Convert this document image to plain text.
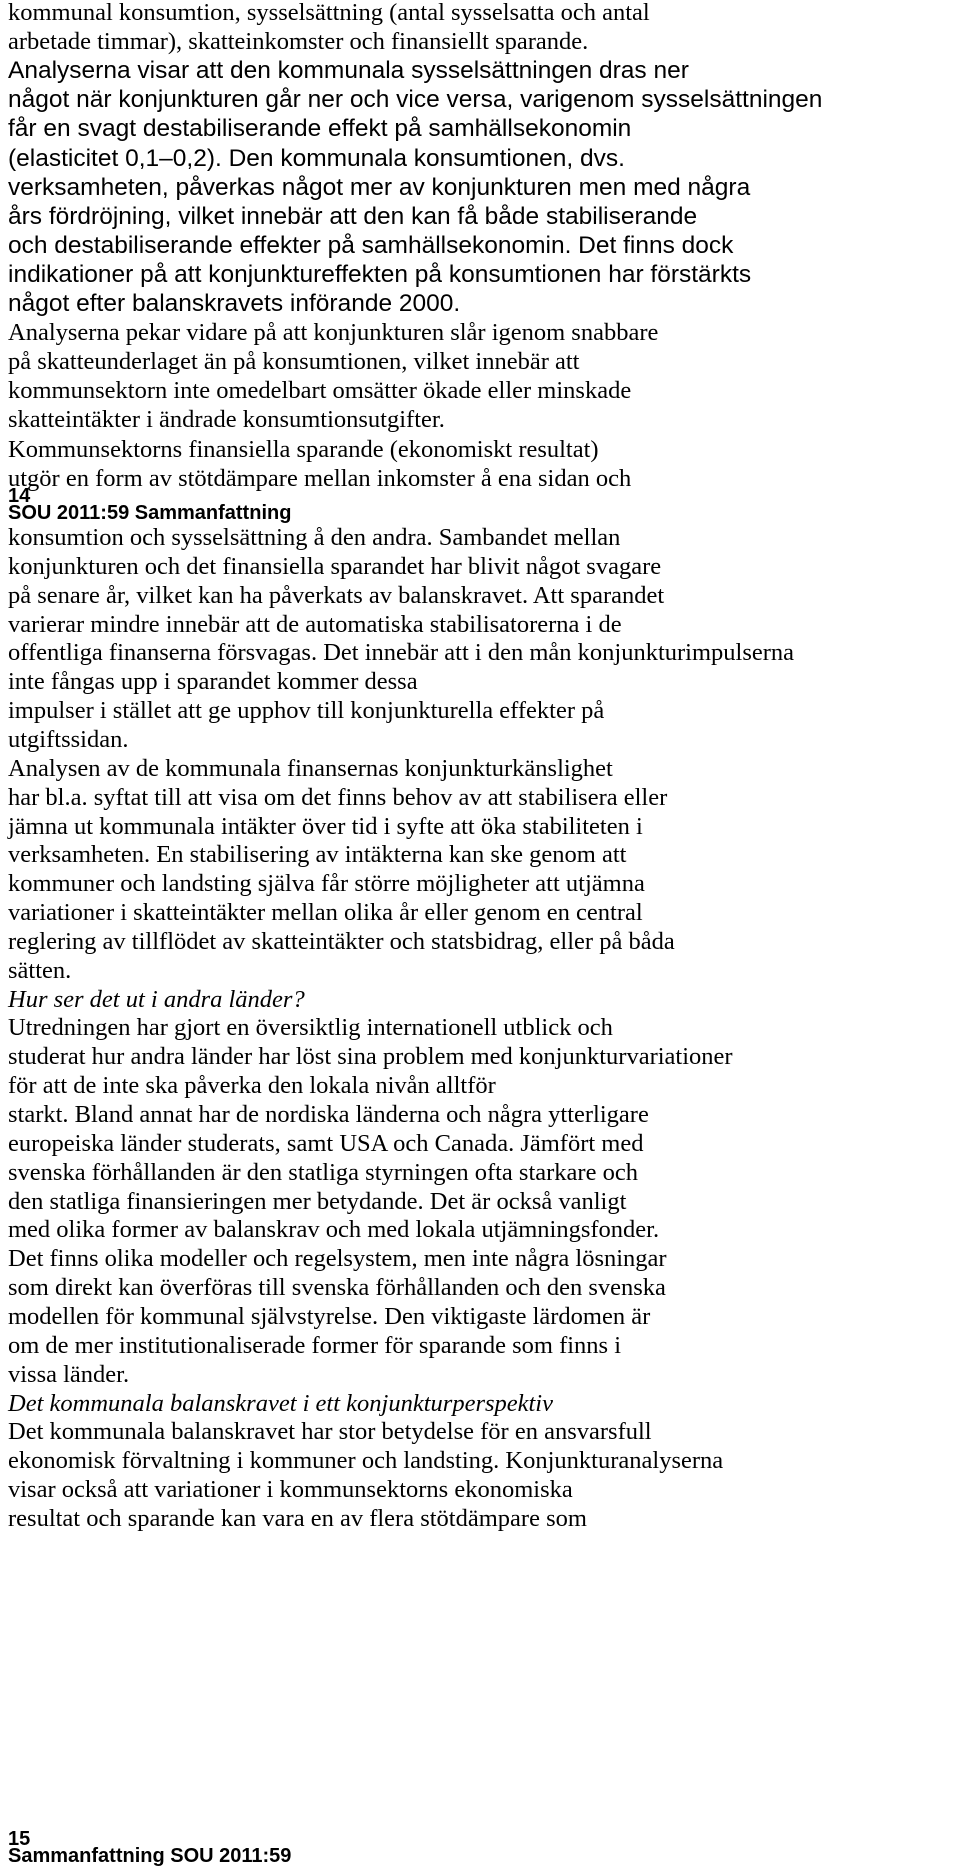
kommunal konsumtion, sysselsättning (antal sysselsatta och antal
arbetade timmar), skatteinkomster och finansiellt sparande.
Analyserna visar att den kommunala sysselsättningen dras ner
något när konjunkturen går ner och vice versa, varigenom sysselsättningen
får en svagt destabiliserande effekt på samhällsekonomin
(elasticitet 0,1–0,2). Den kommunala konsumtionen, dvs.
verksamheten, påverkas något mer av konjunkturen men med några
års fördröjning, vilket innebär att den kan få både stabiliserande
och destabiliserande effekter på samhällsekonomin. Det finns dock
indikationer på att konjunktureffekten på konsumtionen har förstärkts
något efter balanskravets införande 2000.
Analyserna pekar vidare på att konjunkturen slår igenom snabbare
på skatteunderlaget än på konsumtionen, vilket innebär att
kommunsektorn inte omedelbart omsätter ökade eller minskade
skatteintäkter i ändrade konsumtionsutgifter.
Kommunsektorns finansiella sparande (ekonomiskt resultat)
utgör en form av stötdämpare mellan inkomster å ena sidan och
14
SOU 2011:59 Sammanfattning
konsumtion och sysselsättning å den andra. Sambandet mellan
konjunkturen och det finansiella sparandet har blivit något svagare
på senare år, vilket kan ha påverkats av balanskravet. Att sparandet
varierar mindre innebär att de automatiska stabilisatorerna i de
offentliga finanserna försvagas. Det innebär att i den mån konjunkturimpulserna
inte fångas upp i sparandet kommer dessa
impulser i stället att ge upphov till konjunkturella effekter på
utgiftssidan.
Analysen av de kommunala finansernas konjunkturkänslighet
har bl.a. syftat till att visa om det finns behov av att stabilisera eller
jämna ut kommunala intäkter över tid i syfte att öka stabiliteten i
verksamheten. En stabilisering av intäkterna kan ske genom att
kommuner och landsting själva får större möjligheter att utjämna
variationer i skatteintäkter mellan olika år eller genom en central
reglering av tillflödet av skatteintäkter och statsbidrag, eller på båda
sätten.
Hur ser det ut i andra länder?
Utredningen har gjort en översiktlig internationell utblick och
studerat hur andra länder har löst sina problem med konjunkturvariationer
för att de inte ska påverka den lokala nivån alltför
starkt. Bland annat har de nordiska länderna och några ytterligare
europeiska länder studerats, samt USA och Canada. Jämfört med
svenska förhållanden är den statliga styrningen ofta starkare och
den statliga finansieringen mer betydande. Det är också vanligt
med olika former av balanskrav och med lokala utjämningsfonder.
Det finns olika modeller och regelsystem, men inte några lösningar
som direkt kan överföras till svenska förhållanden och den svenska
modellen för kommunal självstyrelse. Den viktigaste lärdomen är
om de mer institutionaliserade former för sparande som finns i
vissa länder.
Det kommunala balanskravet i ett konjunkturperspektiv
Det kommunala balanskravet har stor betydelse för en ansvarsfull
ekonomisk förvaltning i kommuner och landsting. Konjunkturanalyserna
visar också att variationer i kommunsektorns ekonomiska
resultat och sparande kan vara en av flera stötdämpare som
15
Sammanfattning SOU 2011:59
